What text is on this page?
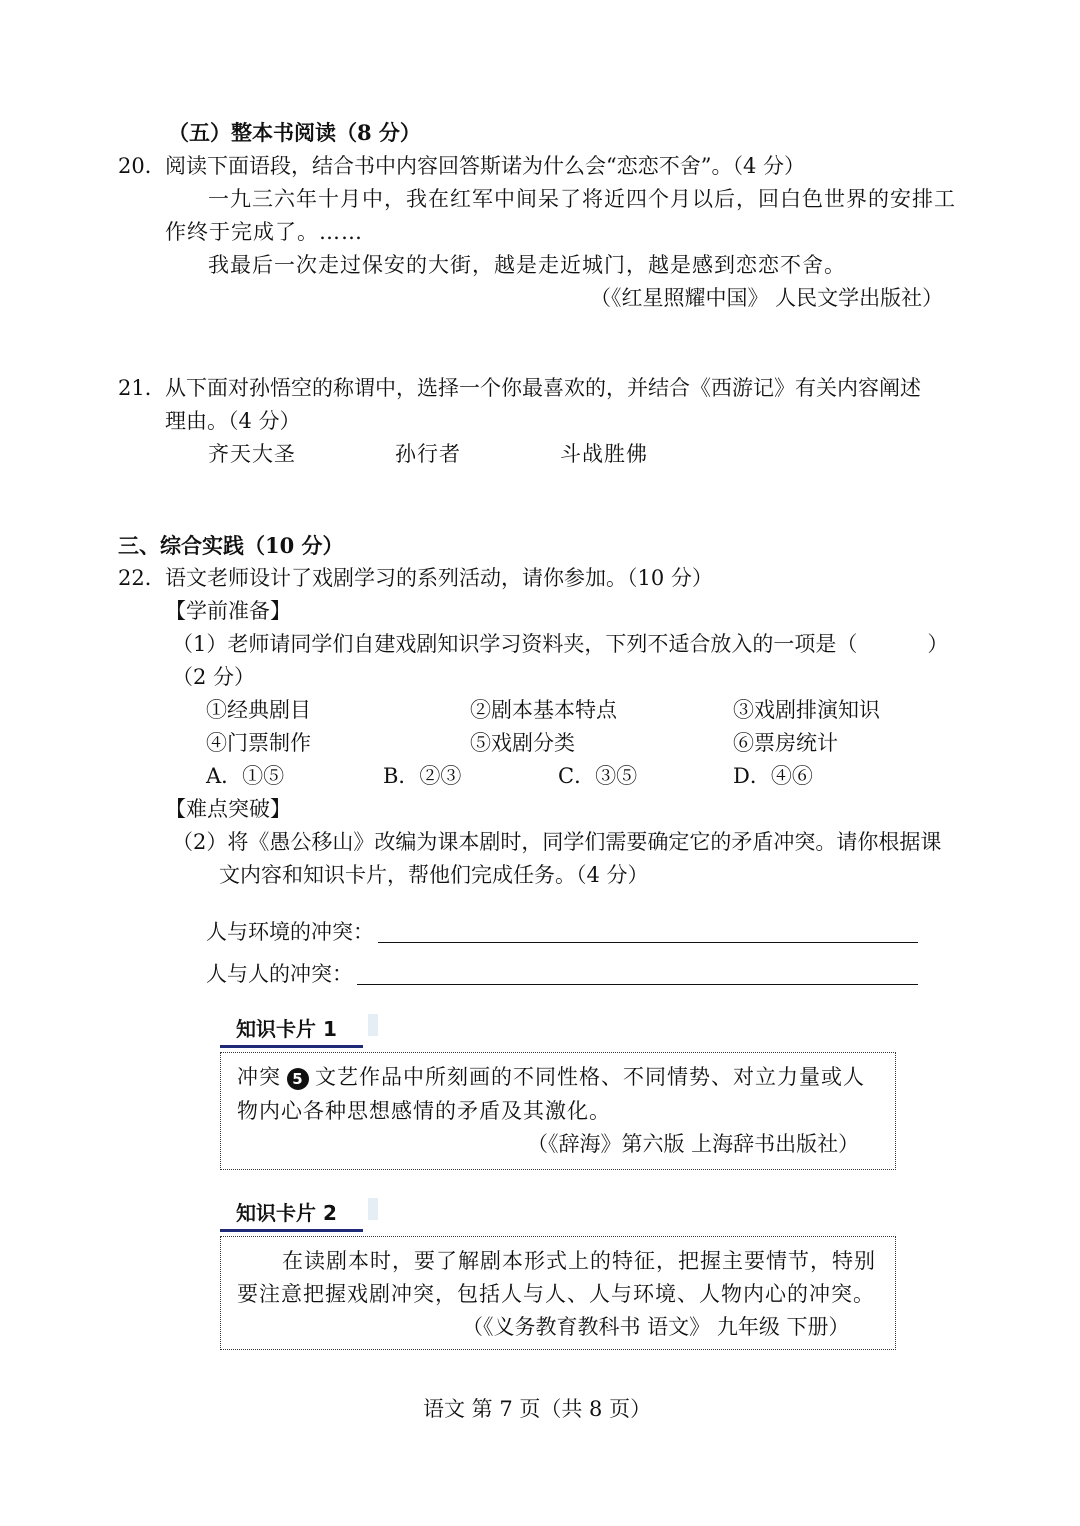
（五）整本书阅读（8 分）
20． 阅读下面语段，结合书中内容回答斯诺为什么会“恋恋不舍”。（4 分）
一九三六年十月中，我在红军中间呆了将近四个月以后，回白色世界的安排工
作终于完成了。……
我最后一次走过保安的大街，越是走近城门，越是感到恋恋不舍。
（《红星照耀中国》 人民文学出版社）
21． 从下面对孙悟空的称谓中，选择一个你最喜欢的，并结合《西游记》有关内容阐述
理由。（4 分）
齐天大圣	孙行者	斗战胜佛
三、综合实践（10 分）
22． 语文老师设计了戏剧学习的系列活动，请你参加。（10 分）
【学前准备】
（1）老师请同学们自建戏剧知识学习资料夹，下列不适合放入的一项是（	）
（2 分）
①经典剧目	②剧本基本特点	③戏剧排演知识
④门票制作	⑤戏剧分类	⑥票房统计
A．①⑤	B．②③	C．③⑤	D．④⑥
【难点突破】
（2）将《愚公移山》改编为课本剧时，同学们需要确定它的矛盾冲突。请你根据课
文内容和知识卡片，帮他们完成任务。（4 分）
人与环境的冲突：
人与人的冲突：
知识卡片 1
冲突 5 文艺作品中所刻画的不同性格、不同情势、对立力量或人
物内心各种思想感情的矛盾及其激化。
（《辞海》第六版 上海辞书出版社）
知识卡片 2
在读剧本时，要了解剧本形式上的特征，把握主要情节，特别
要注意把握戏剧冲突，包括人与人、人与环境、人物内心的冲突。
（《义务教育教科书 语文》 九年级 下册）
语文 第 7 页（共 8 页）
